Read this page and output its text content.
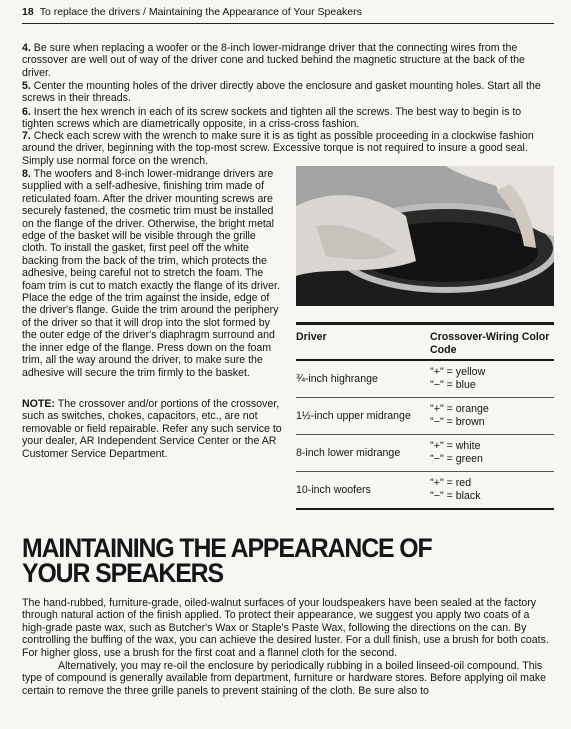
18 To replace the drivers / Maintaining the Appearance of Your Speakers

4. Be sure when replacing a woofer or the 8-inch lower-midrange driver that the connecting wires from the crossover are well out of way of the driver cone and tucked behind the magnetic structure at the back of the driver.

5. Center the mounting holes of the driver directly above the enclosure and gasket mounting holes. Start all the screws in their threads.

6. Insert the hex wrench in each of its screw sockets and tighten all the screws. The best way to begin is to tighten screws which are diametrically opposite, in a criss-cross fashion.

7. Check each screw with the wrench to make sure it is as tight as possible proceeding in a clockwise fashion around the driver, beginning with the top-most screw. Excessive torque is not required to insure a good seal. Simply use normal force on the wrench.

8. The woofers and 8-inch lower-midrange drivers are supplied with a self-adhesive, finishing trim made of reticulated foam. After the driver mounting screws are securely fastened, the cosmetic trim must be installed on the flange of the driver. Otherwise, the bright metal edge of the basket will be visible through the grille cloth. To install the gasket, first peel off the white backing from the back of the trim, which protects the adhesive, being careful not to stretch the foam. The foam trim is cut to match exactly the flange of its driver. Place the edge of the trim against the inside, edge of the driver's flange. Guide the trim around the periphery of the driver so that it will drop into the slot formed by the outer edge of the driver's diaphragm surround and the inner edge of the flange. Press down on the foam trim, all the way around the driver, to make sure the adhesive will secure the trim firmly to the basket.

NOTE: The crossover and/or portions of the crossover, such as switches, chokes, capacitors, etc., are not removable or field repairable. Refer any such service to your dealer, AR Independent Service Center or the AR Customer Service Department.

Driver	Crossover-Wiring Color Code
¾-inch highrange
"+" = yellow
"−" = blue
1½-inch upper midrange
"+" = orange
"−" = brown
8-inch lower midrange
"+" = white
"−" = green
10-inch woofers
"+" = red
"−" = black
MAINTAINING THE APPEARANCE OF
YOUR SPEAKERS

The hand-rubbed, furniture-grade, oiled-walnut surfaces of your loudspeakers have been sealed at the factory through natural action of the finish applied. To protect their appearance, we suggest you apply two coats of a high-grade paste wax, such as Butcher's Wax or Staple's Paste Wax, following the directions on the can. By controlling the buffing of the wax, you can achieve the desired luster. For a dull finish, use a brush for both coats. For higher gloss, use a brush for the first coat and a flannel cloth for the second.

Alternatively, you may re-oil the enclosure by periodically rubbing in a boiled linseed-oil compound. This type of compound is generally available from department, furniture or hardware stores. Before applying oil make certain to remove the three grille panels to prevent staining of the cloth. Be sure also to
